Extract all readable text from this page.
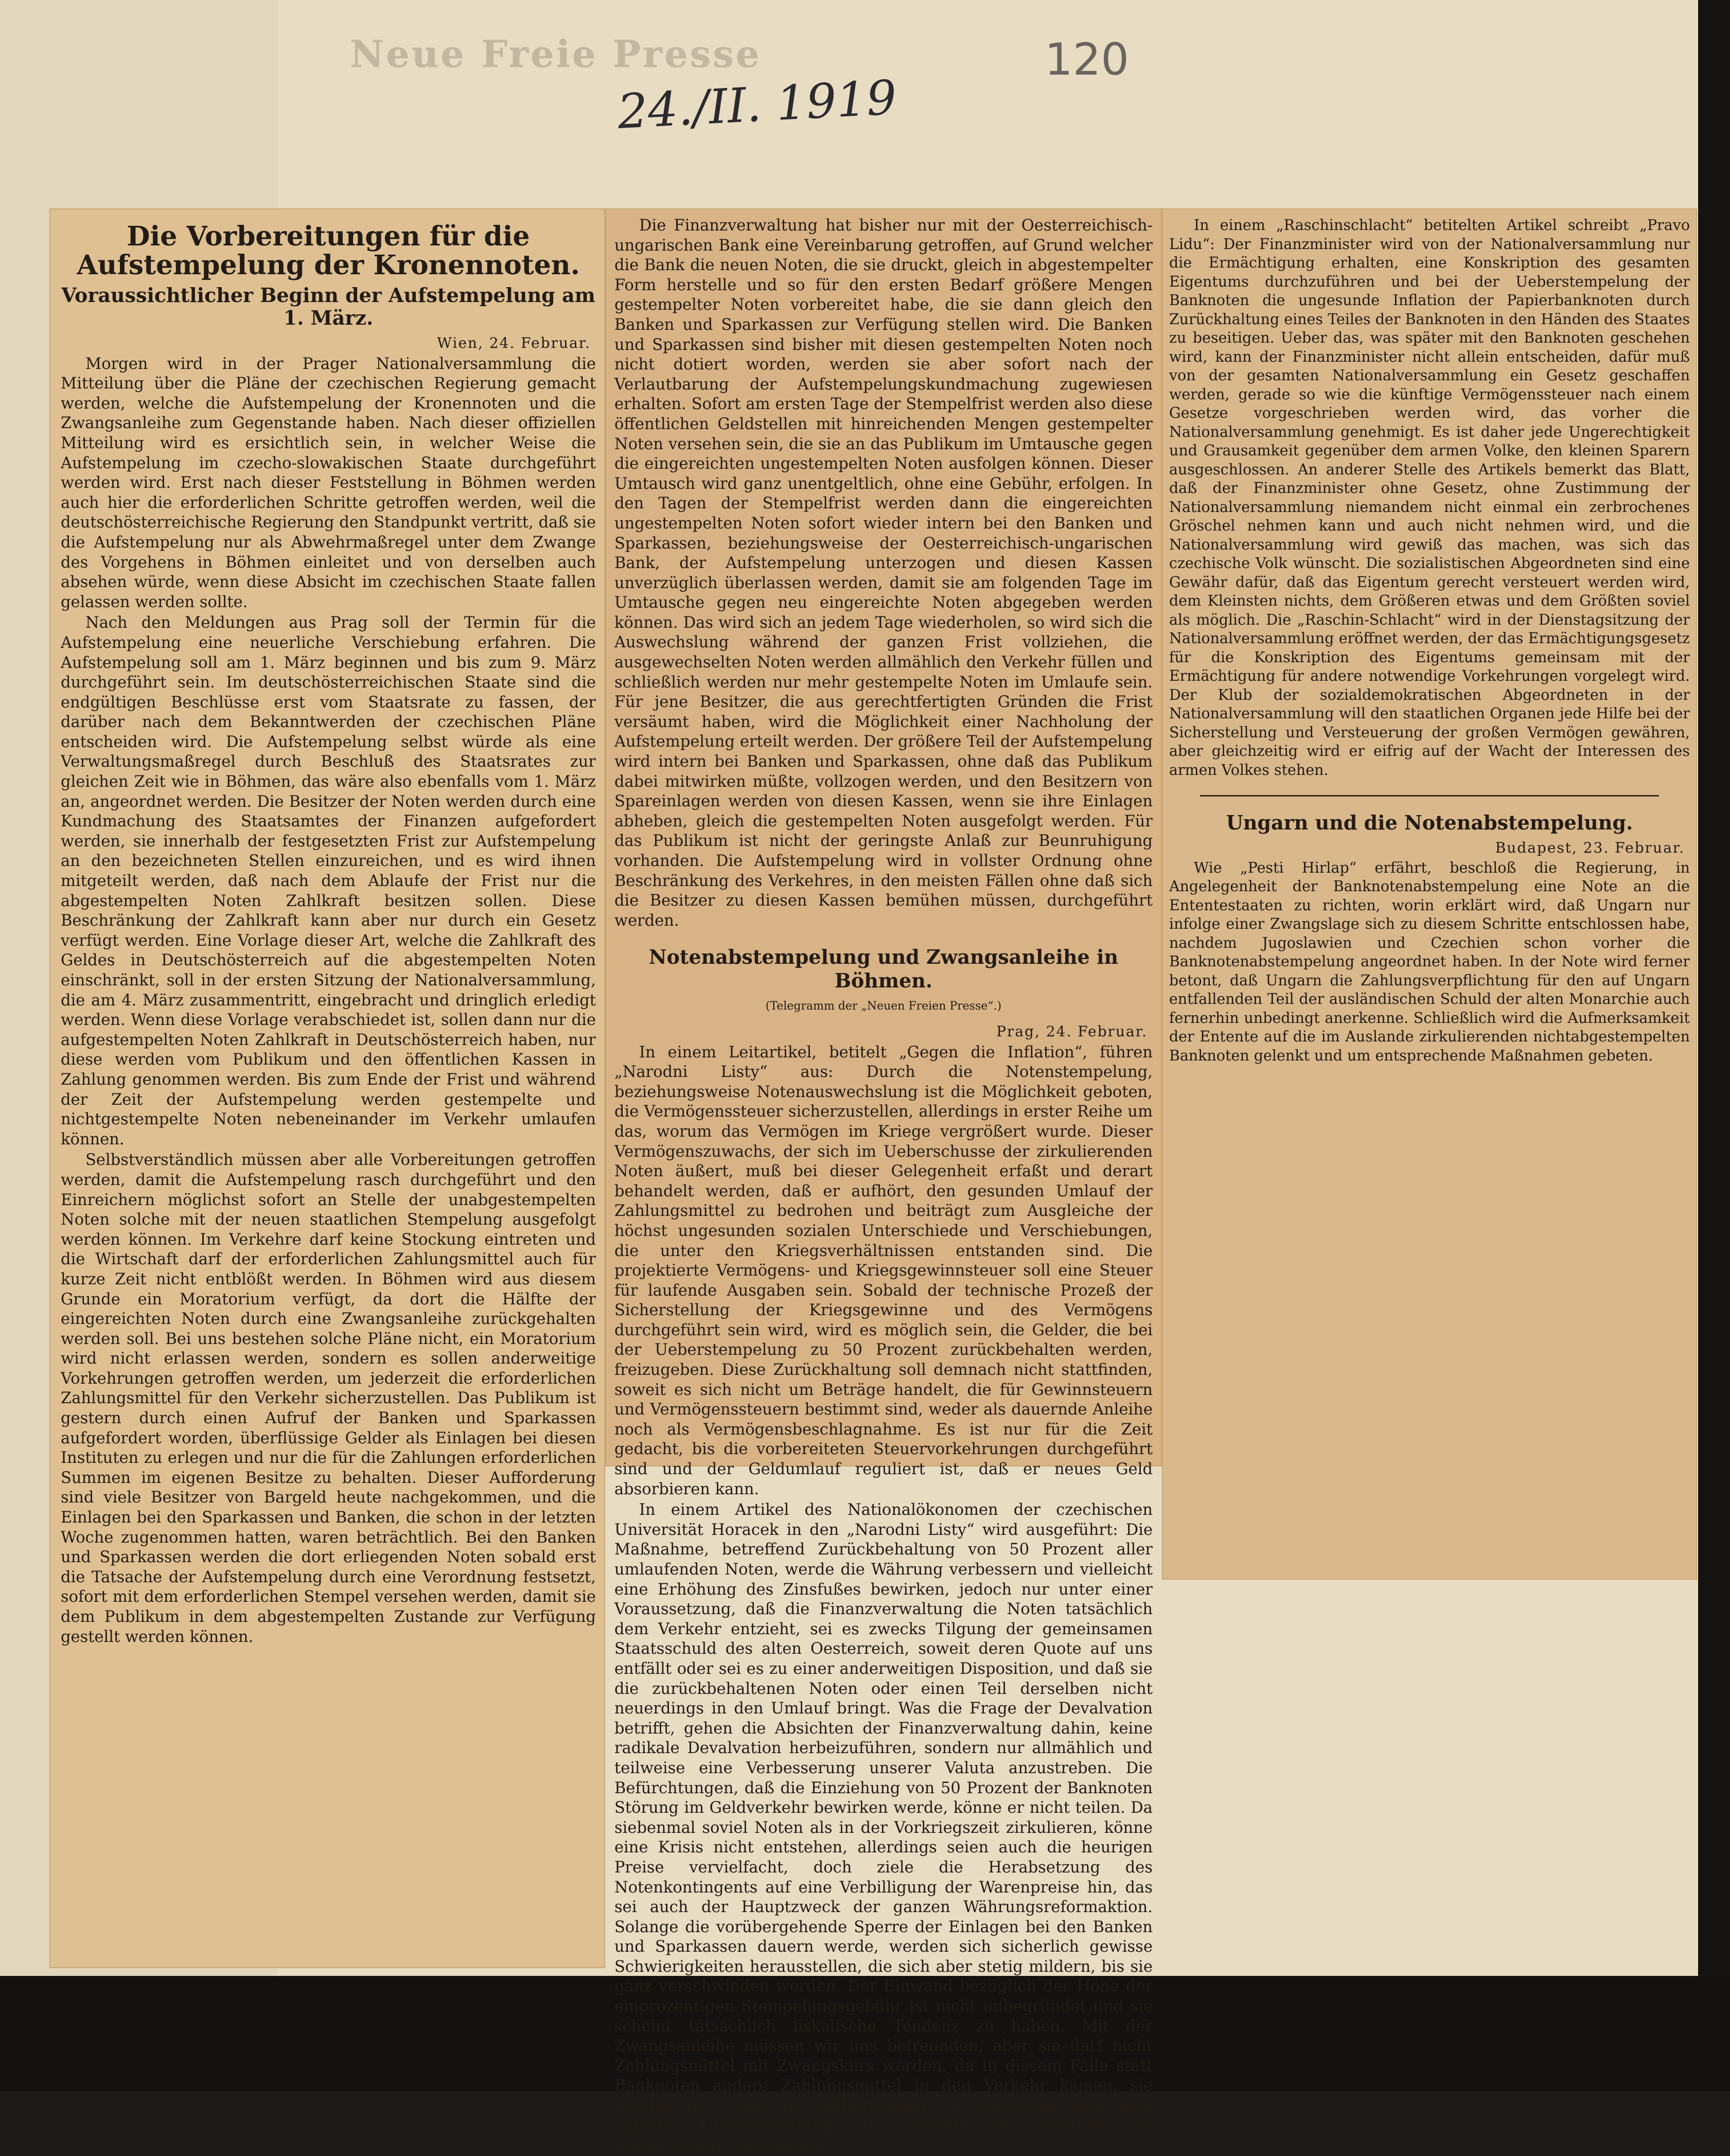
Neue Freie Presse
24./II. 1919
120
Die Vorbereitungen für die Aufstempelung der Kronennoten.
Voraussichtlicher Beginn der Aufstempelung am 1. März.
Wien, 24. Februar.

Morgen wird in der Prager Nationalversammlung die Mitteilung über die Pläne der czechischen Regierung gemacht werden, welche die Aufstempelung der Kronennoten und die Zwangsanleihe zum Gegenstande haben. Nach dieser offiziellen Mitteilung wird es ersichtlich sein, in welcher Weise die Aufstempelung im czecho-slowakischen Staate durchgeführt werden wird. Erst nach dieser Feststellung in Böhmen werden auch hier die erforderlichen Schritte getroffen werden, weil die deutschösterreichische Regierung den Standpunkt vertritt, daß sie die Aufstempelung nur als Abwehrmaßregel unter dem Zwange des Vorgehens in Böhmen einleitet und von derselben auch absehen würde, wenn diese Absicht im czechischen Staate fallen gelassen werden sollte.

Nach den Meldungen aus Prag soll der Termin für die Aufstempelung eine neuerliche Verschiebung erfahren. Die Aufstempelung soll am 1. März beginnen und bis zum 9. März durchgeführt sein. Im deutschösterreichischen Staate sind die endgültigen Beschlüsse erst vom Staatsrate zu fassen, der darüber nach dem Bekanntwerden der czechischen Pläne entscheiden wird. Die Aufstempelung selbst würde als eine Verwaltungsmaßregel durch Beschluß des Staatsrates zur gleichen Zeit wie in Böhmen, das wäre also ebenfalls vom 1. März an, angeordnet werden. Die Besitzer der Noten werden durch eine Kundmachung des Staatsamtes der Finanzen aufgefordert werden, sie innerhalb der festgesetzten Frist zur Aufstempelung an den bezeichneten Stellen einzureichen, und es wird ihnen mitgeteilt werden, daß nach dem Ablaufe der Frist nur die abgestempelten Noten Zahlkraft besitzen sollen. Diese Beschränkung der Zahlkraft kann aber nur durch ein Gesetz verfügt werden. Eine Vorlage dieser Art, welche die Zahlkraft des Geldes in Deutschösterreich auf die abgestempelten Noten einschränkt, soll in der ersten Sitzung der Nationalversammlung, die am 4. März zusammentritt, eingebracht und dringlich erledigt werden. Wenn diese Vorlage verabschiedet ist, sollen dann nur die aufgestempelten Noten Zahlkraft in Deutschösterreich haben, nur diese werden vom Publikum und den öffentlichen Kassen in Zahlung genommen werden. Bis zum Ende der Frist und während der Zeit der Aufstempelung werden gestempelte und nichtgestempelte Noten nebeneinander im Verkehr umlaufen können.

Selbstverständlich müssen aber alle Vorbereitungen getroffen werden, damit die Aufstempelung rasch durchgeführt und den Einreichern möglichst sofort an Stelle der unabgestempelten Noten solche mit der neuen staatlichen Stempelung ausgefolgt werden können. Im Verkehre darf keine Stockung eintreten und die Wirtschaft darf der erforderlichen Zahlungsmittel auch für kurze Zeit nicht entblößt werden. In Böhmen wird aus diesem Grunde ein Moratorium verfügt, da dort die Hälfte der eingereichten Noten durch eine Zwangsanleihe zurückgehalten werden soll. Bei uns bestehen solche Pläne nicht, ein Moratorium wird nicht erlassen werden, sondern es sollen anderweitige Vorkehrungen getroffen werden, um jederzeit die erforderlichen Zahlungsmittel für den Verkehr sicherzustellen. Das Publikum ist gestern durch einen Aufruf der Banken und Sparkassen aufgefordert worden, überflüssige Gelder als Einlagen bei diesen Instituten zu erlegen und nur die für die Zahlungen erforderlichen Summen im eigenen Besitze zu behalten. Dieser Aufforderung sind viele Besitzer von Bargeld heute nachgekommen, und die Einlagen bei den Sparkassen und Banken, die schon in der letzten Woche zugenommen hatten, waren beträchtlich. Bei den Banken und Sparkassen werden die dort erliegenden Noten sobald erst die Tatsache der Aufstempelung durch eine Verordnung festsetzt, sofort mit dem erforderlichen Stempel versehen werden, damit sie dem Publikum in dem abgestempelten Zustande zur Verfügung gestellt werden können.

Die Finanzverwaltung hat bisher nur mit der Oesterreichisch-ungarischen Bank eine Vereinbarung getroffen, auf Grund welcher die Bank die neuen Noten, die sie druckt, gleich in abgestempelter Form herstelle und so für den ersten Bedarf größere Mengen gestempelter Noten vorbereitet habe, die sie dann gleich den Banken und Sparkassen zur Verfügung stellen wird. Die Banken und Sparkassen sind bisher mit diesen gestempelten Noten noch nicht dotiert worden, werden sie aber sofort nach der Verlautbarung der Aufstempelungskundmachung zugewiesen erhalten. Sofort am ersten Tage der Stempelfrist werden also diese öffentlichen Geldstellen mit hinreichenden Mengen gestempelter Noten versehen sein, die sie an das Publikum im Umtausche gegen die eingereichten ungestempelten Noten ausfolgen können. Dieser Umtausch wird ganz unentgeltlich, ohne eine Gebühr, erfolgen. In den Tagen der Stempelfrist werden dann die eingereichten ungestempelten Noten sofort wieder intern bei den Banken und Sparkassen, beziehungsweise der Oesterreichisch-ungarischen Bank, der Aufstempelung unterzogen und diesen Kassen unverzüglich überlassen werden, damit sie am folgenden Tage im Umtausche gegen neu eingereichte Noten abgegeben werden können. Das wird sich an jedem Tage wiederholen, so wird sich die Auswechslung während der ganzen Frist vollziehen, die ausgewechselten Noten werden allmählich den Verkehr füllen und schließlich werden nur mehr gestempelte Noten im Umlaufe sein. Für jene Besitzer, die aus gerechtfertigten Gründen die Frist versäumt haben, wird die Möglichkeit einer Nachholung der Aufstempelung erteilt werden. Der größere Teil der Aufstempelung wird intern bei Banken und Sparkassen, ohne daß das Publikum dabei mitwirken müßte, vollzogen werden, und den Besitzern von Spareinlagen werden von diesen Kassen, wenn sie ihre Einlagen abheben, gleich die gestempelten Noten ausgefolgt werden. Für das Publikum ist nicht der geringste Anlaß zur Beunruhigung vorhanden. Die Aufstempelung wird in vollster Ordnung ohne Beschränkung des Verkehres, in den meisten Fällen ohne daß sich die Besitzer zu diesen Kassen bemühen müssen, durchgeführt werden.

Notenabstempelung und Zwangsanleihe in Böhmen.
(Telegramm der „Neuen Freien Presse“.)
Prag, 24. Februar.

In einem Leitartikel, betitelt „Gegen die Inflation“, führen „Narodni Listy“ aus: Durch die Notenstempelung, beziehungsweise Notenauswechslung ist die Möglichkeit geboten, die Vermögenssteuer sicherzustellen, allerdings in erster Reihe um das, worum das Vermögen im Kriege vergrößert wurde. Dieser Vermögenszuwachs, der sich im Ueberschusse der zirkulierenden Noten äußert, muß bei dieser Gelegenheit erfaßt und derart behandelt werden, daß er aufhört, den gesunden Umlauf der Zahlungsmittel zu bedrohen und beiträgt zum Ausgleiche der höchst ungesunden sozialen Unterschiede und Verschiebungen, die unter den Kriegsverhältnissen entstanden sind. Die projektierte Vermögens- und Kriegsgewinnsteuer soll eine Steuer für laufende Ausgaben sein. Sobald der technische Prozeß der Sicherstellung der Kriegsgewinne und des Vermögens durchgeführt sein wird, wird es möglich sein, die Gelder, die bei der Ueberstempelung zu 50 Prozent zurückbehalten werden, freizugeben. Diese Zurückhaltung soll demnach nicht stattfinden, soweit es sich nicht um Beträge handelt, die für Gewinnsteuern und Vermögenssteuern bestimmt sind, weder als dauernde Anleihe noch als Vermögensbeschlagnahme. Es ist nur für die Zeit gedacht, bis die vorbereiteten Steuervorkehrungen durchgeführt sind und der Geldumlauf reguliert ist, daß er neues Geld absorbieren kann.

In einem Artikel des Nationalökonomen der czechischen Universität Horacek in den „Narodni Listy“ wird ausgeführt: Die Maßnahme, betreffend Zurückbehaltung von 50 Prozent aller umlaufenden Noten, werde die Währung verbessern und vielleicht eine Erhöhung des Zinsfußes bewirken, jedoch nur unter einer Voraussetzung, daß die Finanzverwaltung die Noten tatsächlich dem Verkehr entzieht, sei es zwecks Tilgung der gemeinsamen Staatsschuld des alten Oesterreich, soweit deren Quote auf uns entfällt oder sei es zu einer anderweitigen Disposition, und daß sie die zurückbehaltenen Noten oder einen Teil derselben nicht neuerdings in den Umlauf bringt. Was die Frage der Devalvation betrifft, gehen die Absichten der Finanzverwaltung dahin, keine radikale Devalvation herbeizuführen, sondern nur allmählich und teilweise eine Verbesserung unserer Valuta anzustreben. Die Befürchtungen, daß die Einziehung von 50 Prozent der Banknoten Störung im Geldverkehr bewirken werde, könne er nicht teilen. Da siebenmal soviel Noten als in der Vorkriegszeit zirkulieren, könne eine Krisis nicht entstehen, allerdings seien auch die heurigen Preise vervielfacht, doch ziele die Herabsetzung des Notenkontingents auf eine Verbilligung der Warenpreise hin, das sei auch der Hauptzweck der ganzen Währungsreformaktion. Solange die vorübergehende Sperre der Einlagen bei den Banken und Sparkassen dauern werde, werden sich sicherlich gewisse Schwierigkeiten herausstellen, die sich aber stetig mildern, bis sie ganz verschwinden werden. Der Einwand bezüglich der Höhe der einprozentigen Stempelungsgebühr ist nicht unbegründet und sie scheint tatsächlich fiskalische Tendenz zu haben. Mit der Zwangsanleihe müssen wir uns befreunden, aber sie darf nicht Zahlungsmittel mit Zwangskurs werden, da in diesem Falle statt Banknoten andere Zahlungsmittel in den Verkehr kämen, sie werden also staatliche unübertragbare Schuldscheine sein ohne jegliche Kursentwicklung. Man könnte sie eventuell zur Steuerzahlung verwenden.

In einem „Raschinschlacht“ betitelten Artikel schreibt „Pravo Lidu“: Der Finanzminister wird von der Nationalversammlung nur die Ermächtigung erhalten, eine Konskription des gesamten Eigentums durchzuführen und bei der Ueberstempelung der Banknoten die ungesunde Inflation der Papierbanknoten durch Zurückhaltung eines Teiles der Banknoten in den Händen des Staates zu beseitigen. Ueber das, was später mit den Banknoten geschehen wird, kann der Finanzminister nicht allein entscheiden, dafür muß von der gesamten Nationalversammlung ein Gesetz geschaffen werden, gerade so wie die künftige Vermögenssteuer nach einem Gesetze vorgeschrieben werden wird, das vorher die Nationalversammlung genehmigt. Es ist daher jede Ungerechtigkeit und Grausamkeit gegenüber dem armen Volke, den kleinen Sparern ausgeschlossen. An anderer Stelle des Artikels bemerkt das Blatt, daß der Finanzminister ohne Gesetz, ohne Zustimmung der Nationalversammlung niemandem nicht einmal ein zerbrochenes Gröschel nehmen kann und auch nicht nehmen wird, und die Nationalversammlung wird gewiß das machen, was sich das czechische Volk wünscht. Die sozialistischen Abgeordneten sind eine Gewähr dafür, daß das Eigentum gerecht versteuert werden wird, dem Kleinsten nichts, dem Größeren etwas und dem Größten soviel als möglich. Die „Raschin-Schlacht“ wird in der Dienstagsitzung der Nationalversammlung eröffnet werden, der das Ermächtigungsgesetz für die Konskription des Eigentums gemeinsam mit der Ermächtigung für andere notwendige Vorkehrungen vorgelegt wird. Der Klub der sozialdemokratischen Abgeordneten in der Nationalversammlung will den staatlichen Organen jede Hilfe bei der Sicherstellung und Versteuerung der großen Vermögen gewähren, aber gleichzeitig wird er eifrig auf der Wacht der Interessen des armen Volkes stehen.

Ungarn und die Notenabstempelung.
Budapest, 23. Februar.

Wie „Pesti Hirlap“ erfährt, beschloß die Regierung, in Angelegenheit der Banknotenabstempelung eine Note an die Ententestaaten zu richten, worin erklärt wird, daß Ungarn nur infolge einer Zwangslage sich zu diesem Schritte entschlossen habe, nachdem Jugoslawien und Czechien schon vorher die Banknotenabstempelung angeordnet haben. In der Note wird ferner betont, daß Ungarn die Zahlungsverpflichtung für den auf Ungarn entfallenden Teil der ausländischen Schuld der alten Monarchie auch fernerhin unbedingt anerkenne. Schließlich wird die Aufmerksamkeit der Entente auf die im Auslande zirkulierenden nichtabgestempelten Banknoten gelenkt und um entsprechende Maßnahmen gebeten.
